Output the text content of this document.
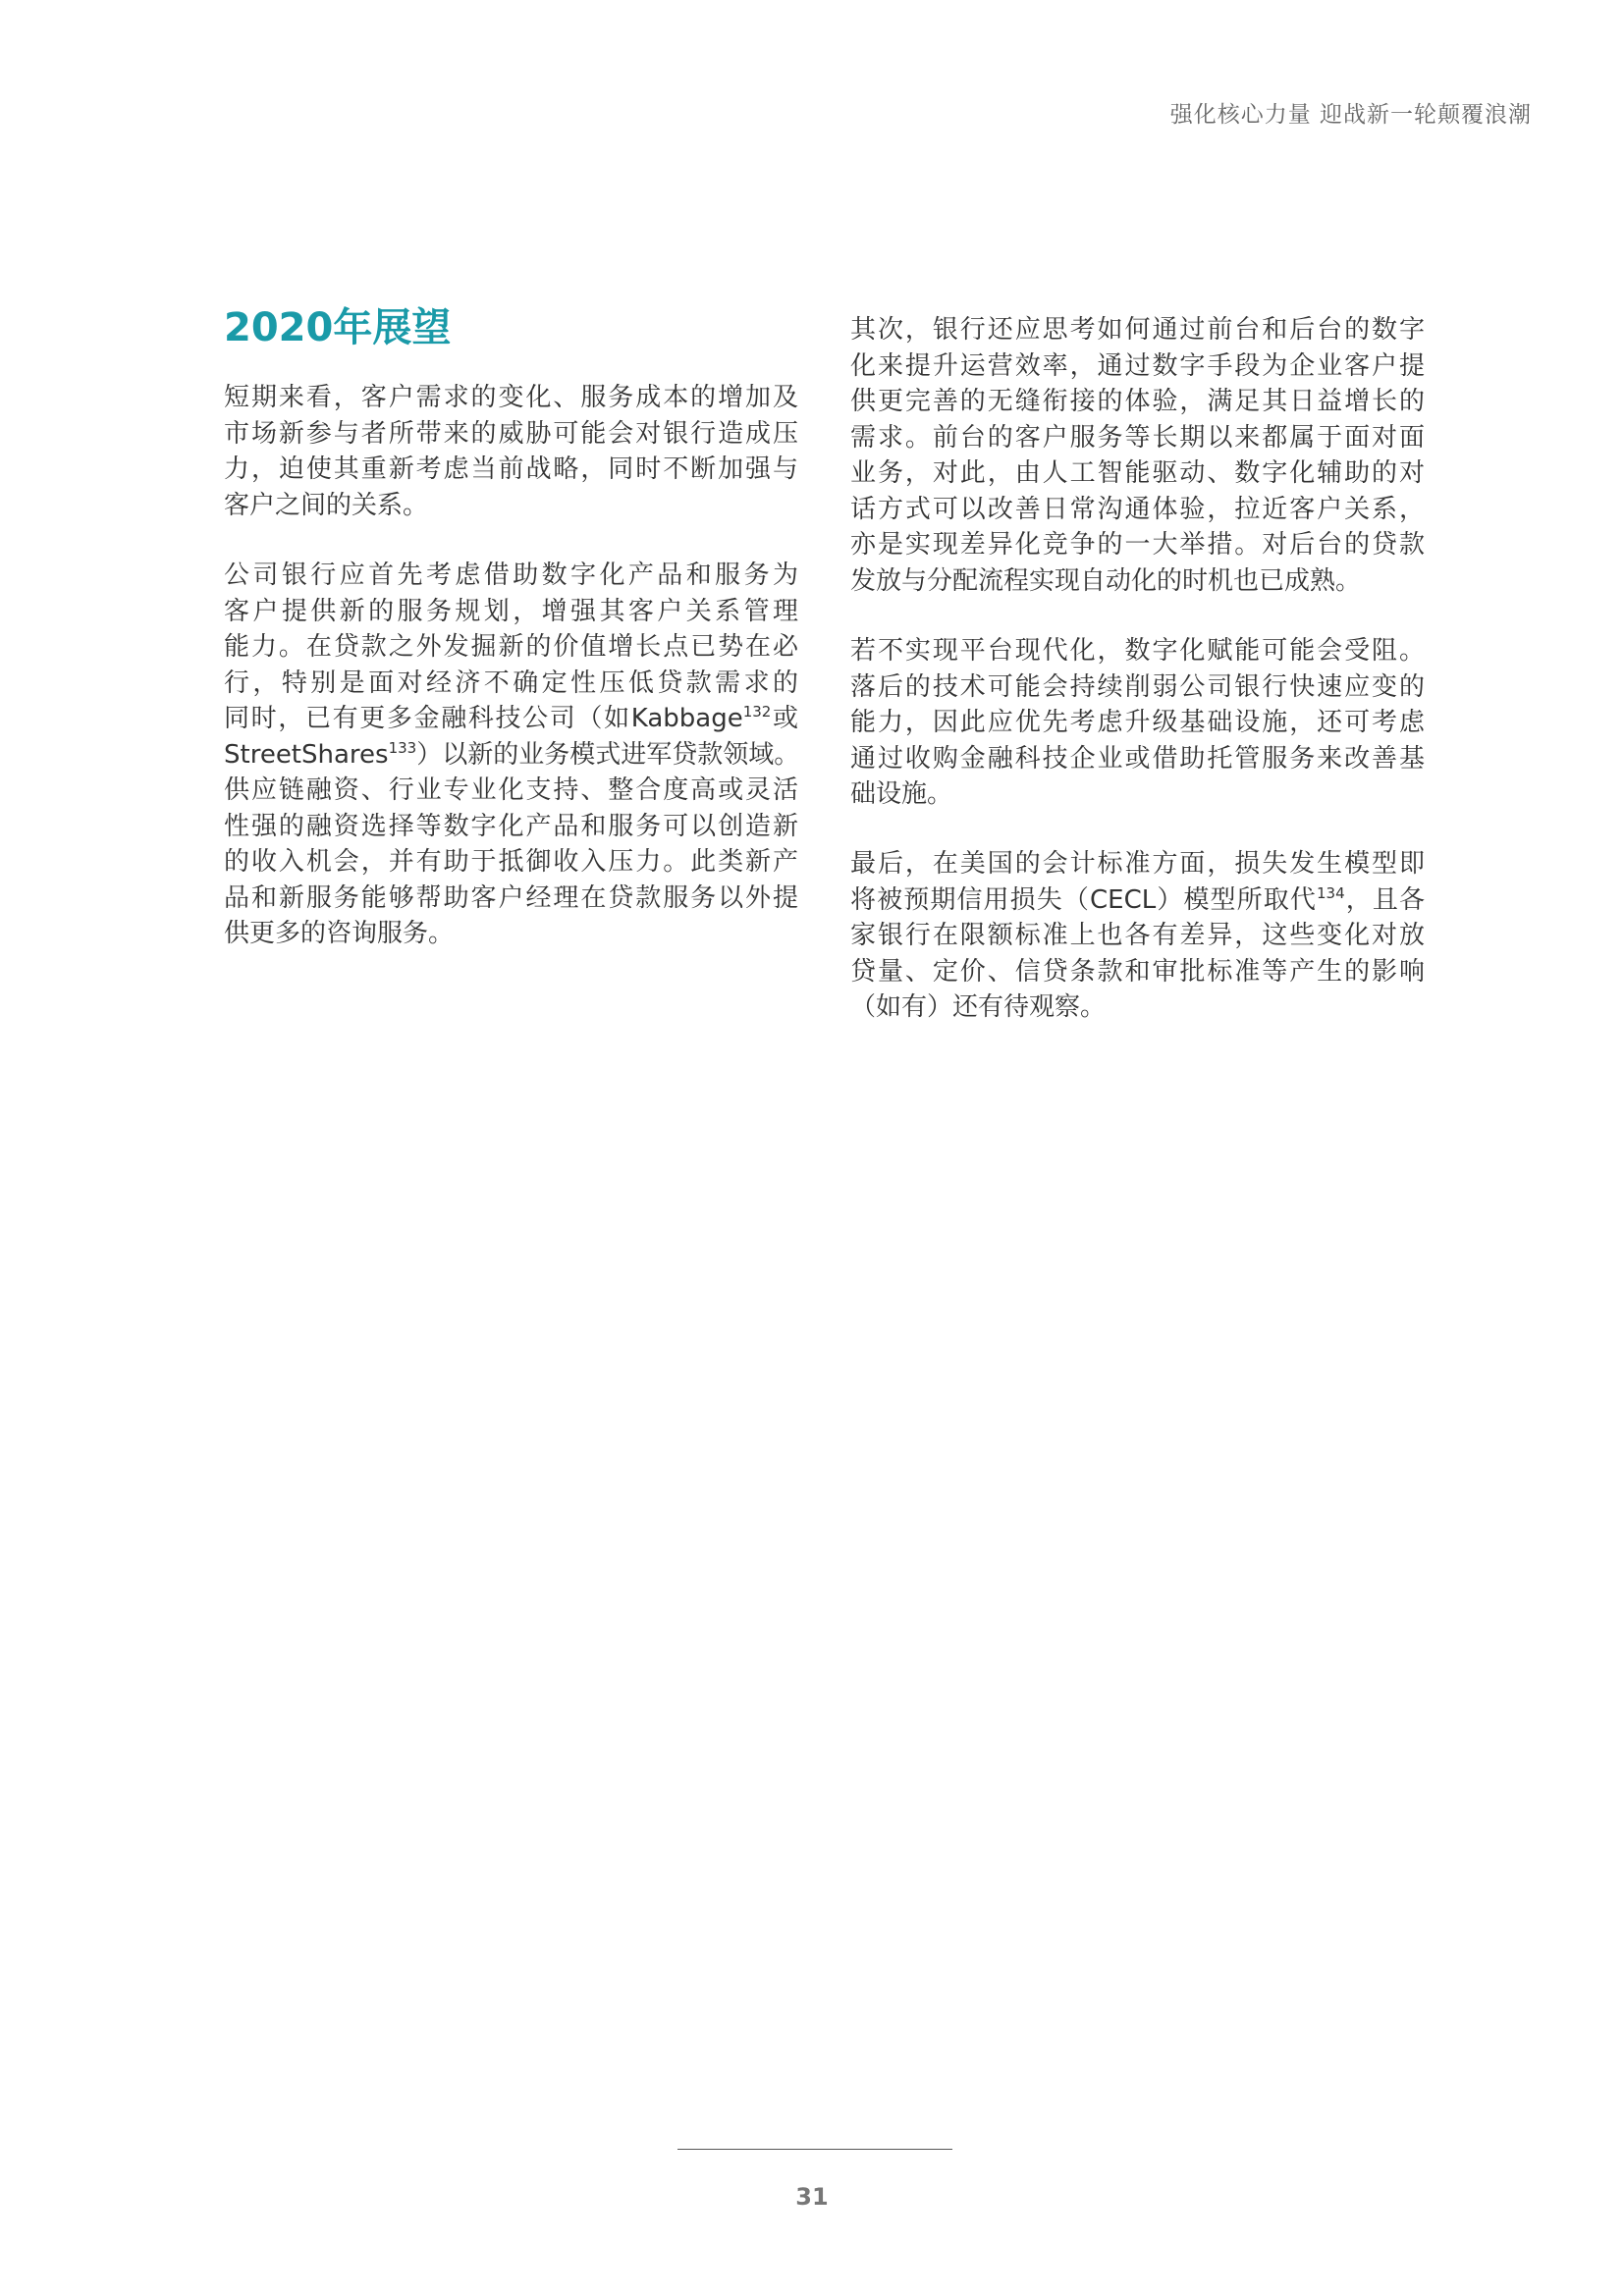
强化核心力量 迎战新一轮颠覆浪潮
2020年展望

短期来看，客户需求的变化、服务成本的增加及
市场新参与者所带来的威胁可能会对银行造成压
力，迫使其重新考虑当前战略，同时不断加强与
客户之间的关系。

公司银行应首先考虑借助数字化产品和服务为
客户提供新的服务规划，增强其客户关系管理
能力。在贷款之外发掘新的价值增长点已势在必
行，特别是面对经济不确定性压低贷款需求的
同时，已有更多金融科技公司（如Kabbage$^{132}$或
StreetShares$^{133}$）以新的业务模式进军贷款领域。
供应链融资、行业专业化支持、整合度高或灵活
性强的融资选择等数字化产品和服务可以创造新
的收入机会，并有助于抵御收入压力。此类新产
品和新服务能够帮助客户经理在贷款服务以外提
供更多的咨询服务。

其次，银行还应思考如何通过前台和后台的数字
化来提升运营效率，通过数字手段为企业客户提
供更完善的无缝衔接的体验，满足其日益增长的
需求。前台的客户服务等长期以来都属于面对面
业务，对此，由人工智能驱动、数字化辅助的对
话方式可以改善日常沟通体验，拉近客户关系，
亦是实现差异化竞争的一大举措。对后台的贷款
发放与分配流程实现自动化的时机也已成熟。

若不实现平台现代化，数字化赋能可能会受阻。
落后的技术可能会持续削弱公司银行快速应变的
能力，因此应优先考虑升级基础设施，还可考虑
通过收购金融科技企业或借助托管服务来改善基
础设施。

最后，在美国的会计标准方面，损失发生模型即
将被预期信用损失（CECL）模型所取代$^{134}$，且各
家银行在限额标准上也各有差异，这些变化对放
贷量、定价、信贷条款和审批标准等产生的影响
（如有）还有待观察。

31
